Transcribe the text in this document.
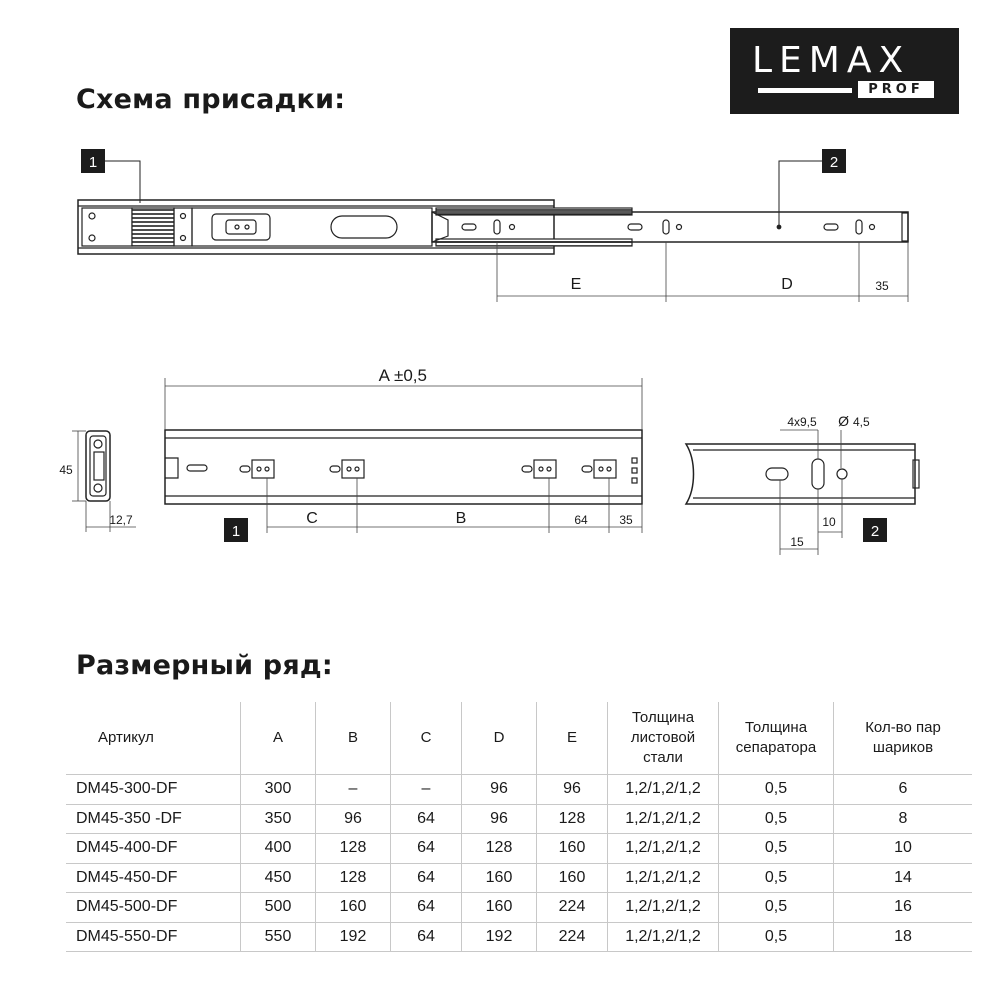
Схема присадки:
Размерный ряд:
LEMAX
PROF
1	2
E	D	35
45
12,7
1
A ±0,5
C	B	64	35
2
4x9,5 Ø 4,5
15
10
Артикул	A	B	C	D	E	Толщина листовой стали	Толщина сепаратора	Кол-во пар шариков
DM45-300-DF	300	–	–	96	96	1,2/1,2/1,2	0,5	6
DM45-350 -DF	350	96	64	96	128	1,2/1,2/1,2	0,5	8
DM45-400-DF	400	128	64	128	160	1,2/1,2/1,2	0,5	10
DM45-450-DF	450	128	64	160	160	1,2/1,2/1,2	0,5	14
DM45-500-DF	500	160	64	160	224	1,2/1,2/1,2	0,5	16
DM45-550-DF	550	192	64	192	224	1,2/1,2/1,2	0,5	18
